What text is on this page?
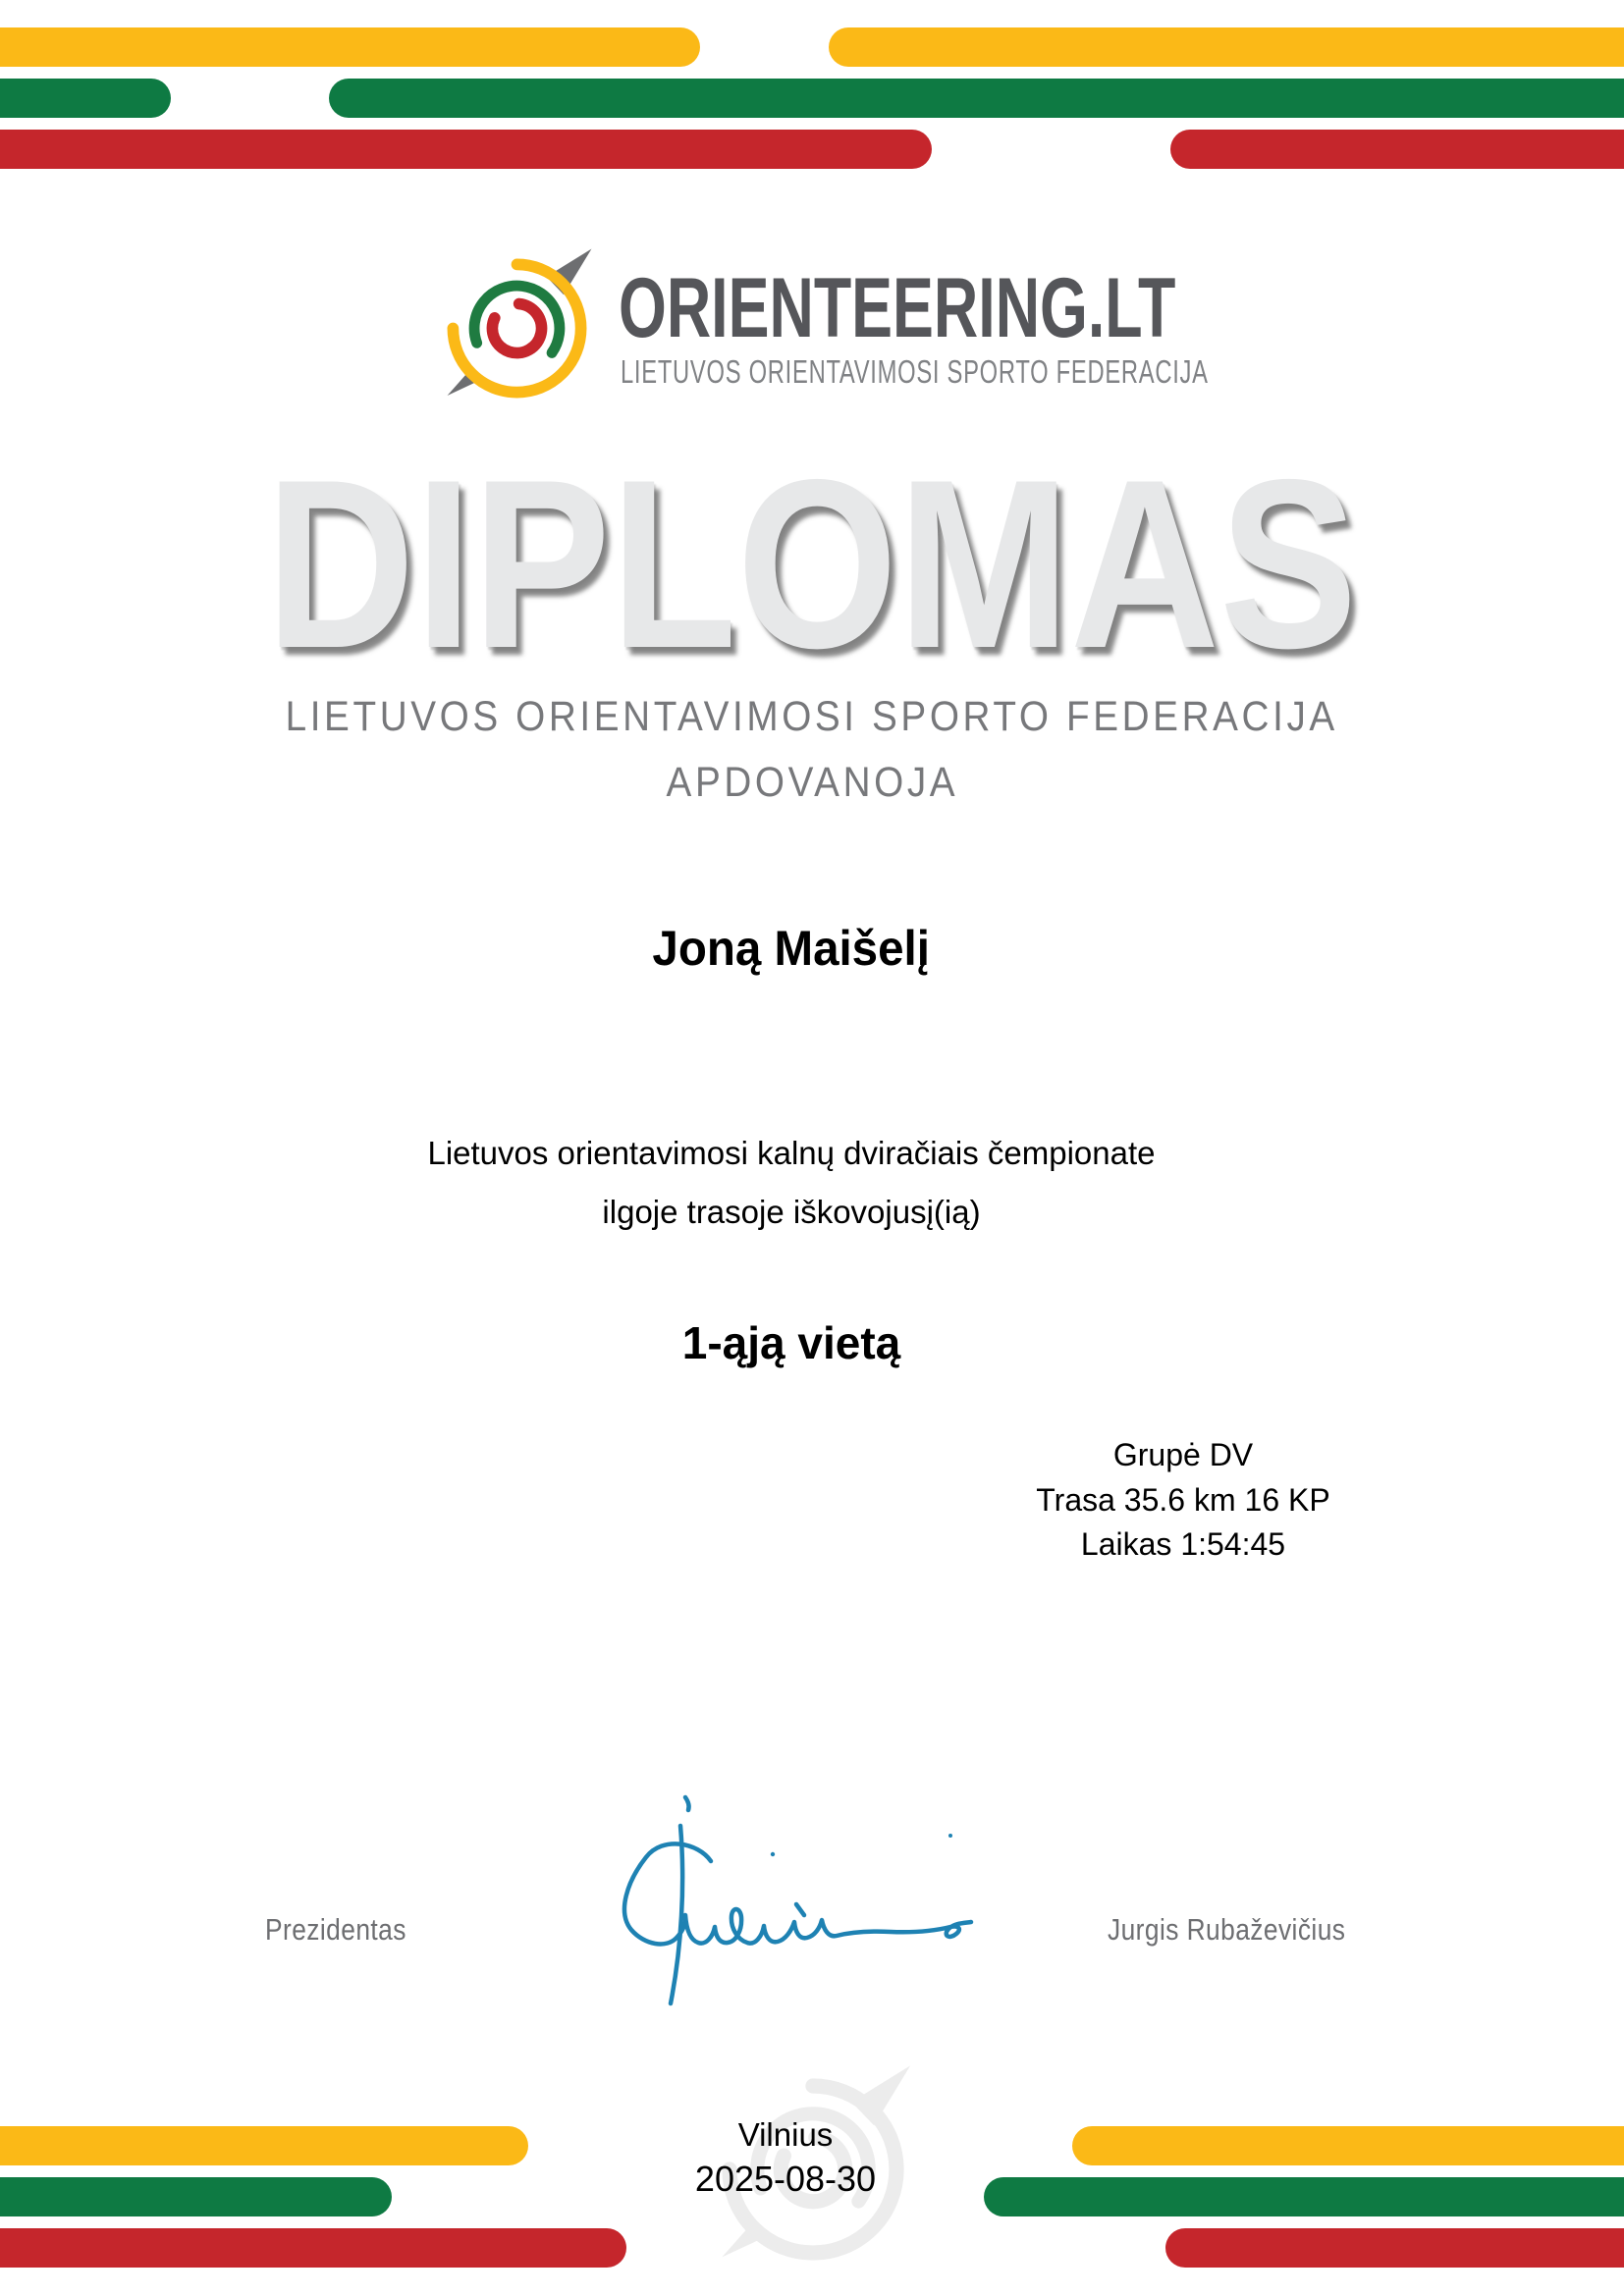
ORIENTEERING.LT
LIETUVOS ORIENTAVIMOSI SPORTO FEDERACIJA
DIPLOMAS
LIETUVOS ORIENTAVIMOSI SPORTO FEDERACIJA
APDOVANOJA
Joną Maišelį
Lietuvos orientavimosi kalnų dviračiais čempionate
ilgoje trasoje iškovojusį(ią)
1-ąją vietą
Grupė DV
Trasa 35.6 km 16 KP
Laikas 1:54:45
Prezidentas	Jurgis Rubaževičius
Vilnius
2025-08-30
